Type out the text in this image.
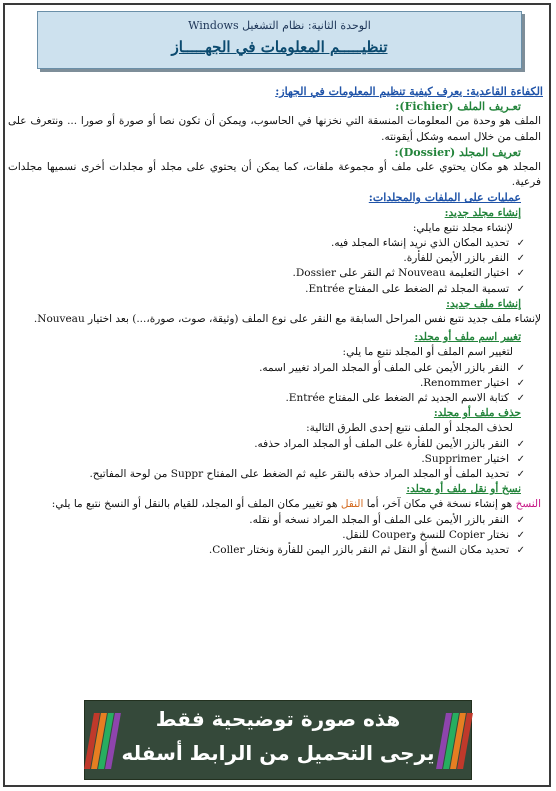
الوحدة الثانية: نظام التشغيل Windows
تنظيـــــم المعلومات في الجهـــــاز

الكفاءة القاعدية: يعرف كيفية تنظيم المعلومات في الجهاز:

تعـريف الملف (Fichier):

الملف هو وحدة من المعلومات المنسقة التي نخزنها في الحاسوب، ويمكن أن تكون نصا أو صورة أو صورا ... ونتعرف على الملف من خلال اسمه وشكل أيقونته.

تعريف المجلد (Dossier):

المجلد هو مكان يحتوي على ملف أو مجموعة ملفات، كما يمكن أن يحتوي على مجلد أو مجلدات أخرى نسميها مجلدات فرعية.

عمليات على الملفات والمجلدات:

إنشاء مجلد جديد:

لإنشاء مجلد نتبع مايلي:

✓
تحديد المكان الذي نريد إنشاء المجلد فيه.
✓
النقر بالزر الأيمن للفأرة.
✓
اختيار التعليمة Nouveau ثم النقر على Dossier.
✓
تسمية المجلد ثم الضغط على المفتاح Entrée.

إنشاء ملف جديد:

لإنشاء ملف جديد نتبع نفس المراحل السابقة مع النقر على نوع الملف (وثيقة، صوت، صورة،...) بعد اختيار Nouveau.

تغيير اسم ملف أو مجلد:

لتغيير اسم الملف أو المجلد نتبع ما يلي:

✓
النقر بالزر الأيمن على الملف أو المجلد المراد تغيير اسمه.
✓
اختيار Renommer.
✓
كتابة الاسم الجديد ثم الضغط على المفتاح Entrée.

حذف ملف أو مجلد:

لحذف المجلد أو الملف نتبع إحدى الطرق التالية:

✓
النقر بالزر الأيمن للفأرة على الملف أو المجلد المراد حذفه.
✓
اختيار Supprimer.
✓
تحديد الملف أو المجلد المراد حذفه بالنقر عليه ثم الضغط على المفتاح Suppr من لوحة المفاتيح.

نسخ أو نقل ملف أو مجلد:

النسخ هو إنشاء نسخة في مكان آخر، أما النقل هو تغيير مكان الملف أو المجلد، للقيام بالنقل أو النسخ نتبع ما يلي:

✓
النقر بالزر الأيمن على الملف أو المجلد المراد نسخه أو نقله.
✓
نختار Copier للنسخ وCouper للنقل.
✓
تحديد مكان النسخ أو النقل ثم النقر بالزر اليمن للفأرة ونختار Coller.
هذه صورة توضيحية فقط
يرجى التحميل من الرابط أسفله
